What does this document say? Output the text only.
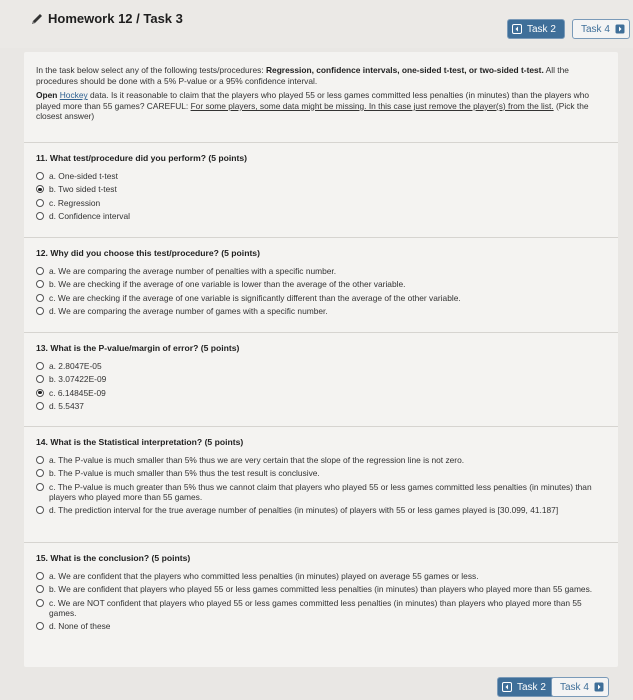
Homework 12 / Task 3
Task 2	Task 4

In the task below select any of the following tests/procedures: Regression, confidence intervals, one-sided t-test, or two-sided t-test. All the procedures should be done with a 5% P-value or a 95% confidence interval.

Open Hockey data. Is it reasonable to claim that the players who played 55 or less games committed less penalties (in minutes) than the players who played more than 55 games? CAREFUL: For some players, some data might be missing. In this case just remove the player(s) from the list. (Pick the closest answer)

11. What test/procedure did you perform? (5 points)
a. One-sided t-test
b. Two sided t-test
c. Regression
d. Confidence interval
12. Why did you choose this test/procedure? (5 points)
a. We are comparing the average number of penalties with a specific number.
b. We are checking if the average of one variable is lower than the average of the other variable.
c. We are checking if the average of one variable is significantly different than the average of the other variable.
d. We are comparing the average number of games with a specific number.
13. What is the P-value/margin of error? (5 points)
a. 2.8047E-05
b. 3.07422E-09
c. 6.14845E-09
d. 5.5437
14. What is the Statistical interpretation? (5 points)
a. The P-value is much smaller than 5% thus we are very certain that the slope of the regression line is not zero.
b. The P-value is much smaller than 5% thus the test result is conclusive.
c. The P-value is much greater than 5% thus we cannot claim that players who played 55 or less games committed less penalties (in minutes) than players who played more than 55 games.
d. The prediction interval for the true average number of penalties (in minutes) of players with 55 or less games played is [30.099, 41.187]
15. What is the conclusion? (5 points)
a. We are confident that the players who committed less penalties (in minutes) played on average 55 games or less.
b. We are confident that players who played 55 or less games committed less penalties (in minutes) than players who played more than 55 games.
c. We are NOT confident that players who played 55 or less games committed less penalties (in minutes) than players who played more than 55 games.
d. None of these
Task 2 Task 4
